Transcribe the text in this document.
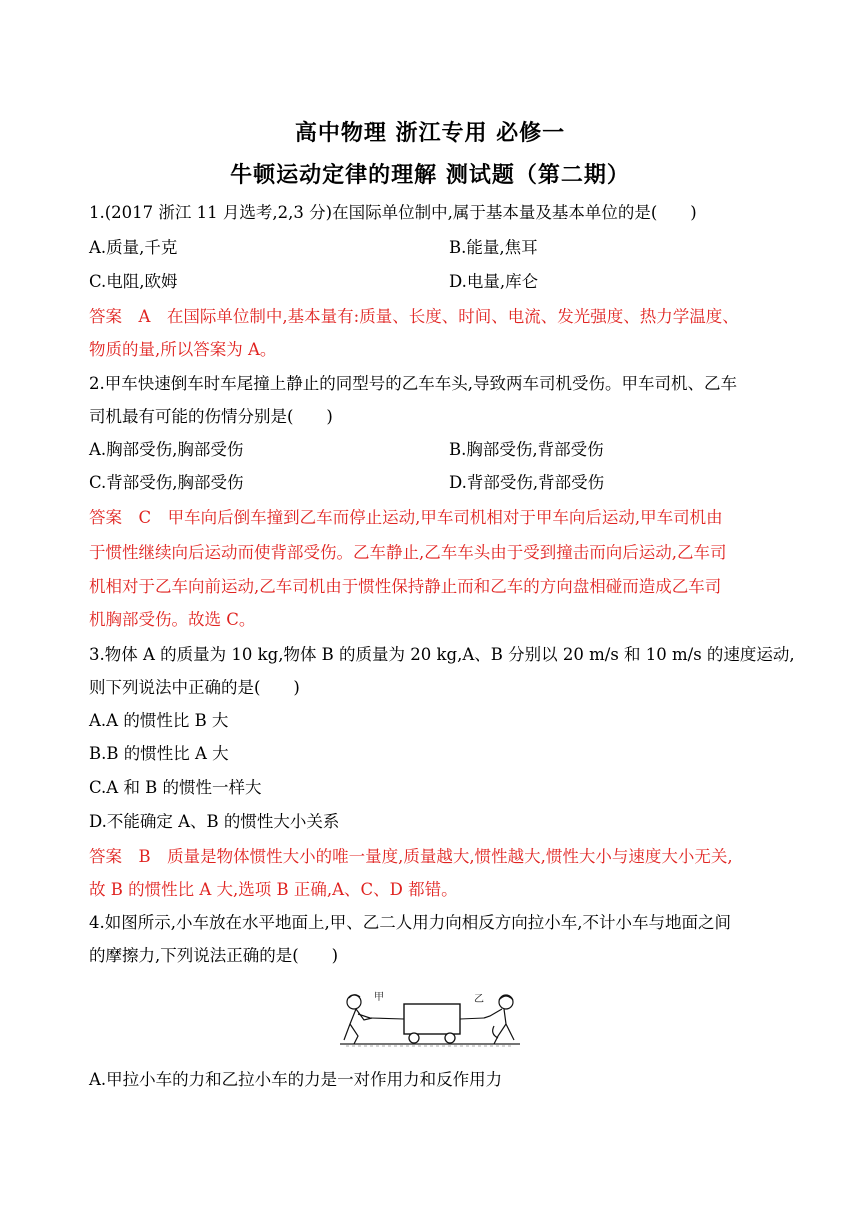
高中物理 浙江专用 必修一
牛顿运动定律的理解 测试题（第二期）
1.(2017 浙江 11 月选考,2,3 分)在国际单位制中,属于基本量及基本单位的是(　　)
A.质量,千克	B.能量,焦耳
C.电阻,欧姆	D.电量,库仑
答案　A　在国际单位制中,基本量有:质量、长度、时间、电流、发光强度、热力学温度、
物质的量,所以答案为 A。
2.甲车快速倒车时车尾撞上静止的同型号的乙车车头,导致两车司机受伤。甲车司机、乙车
司机最有可能的伤情分别是(　　)
A.胸部受伤,胸部受伤	B.胸部受伤,背部受伤
C.背部受伤,胸部受伤	D.背部受伤,背部受伤
答案　C　甲车向后倒车撞到乙车而停止运动,甲车司机相对于甲车向后运动,甲车司机由
于惯性继续向后运动而使背部受伤。乙车静止,乙车车头由于受到撞击而向后运动,乙车司
机相对于乙车向前运动,乙车司机由于惯性保持静止而和乙车的方向盘相碰而造成乙车司
机胸部受伤。故选 C。
3.物体 A 的质量为 10 kg,物体 B 的质量为 20 kg,A、B 分别以 20 m/s 和 10 m/s 的速度运动,
则下列说法中正确的是(　　)
A.A 的惯性比 B 大
B.B 的惯性比 A 大
C.A 和 B 的惯性一样大
D.不能确定 A、B 的惯性大小关系
答案　B　质量是物体惯性大小的唯一量度,质量越大,惯性越大,惯性大小与速度大小无关,
故 B 的惯性比 A 大,选项 B 正确,A、C、D 都错。
4.如图所示,小车放在水平地面上,甲、乙二人用力向相反方向拉小车,不计小车与地面之间
的摩擦力,下列说法正确的是(　　)
甲	乙
A.甲拉小车的力和乙拉小车的力是一对作用力和反作用力
